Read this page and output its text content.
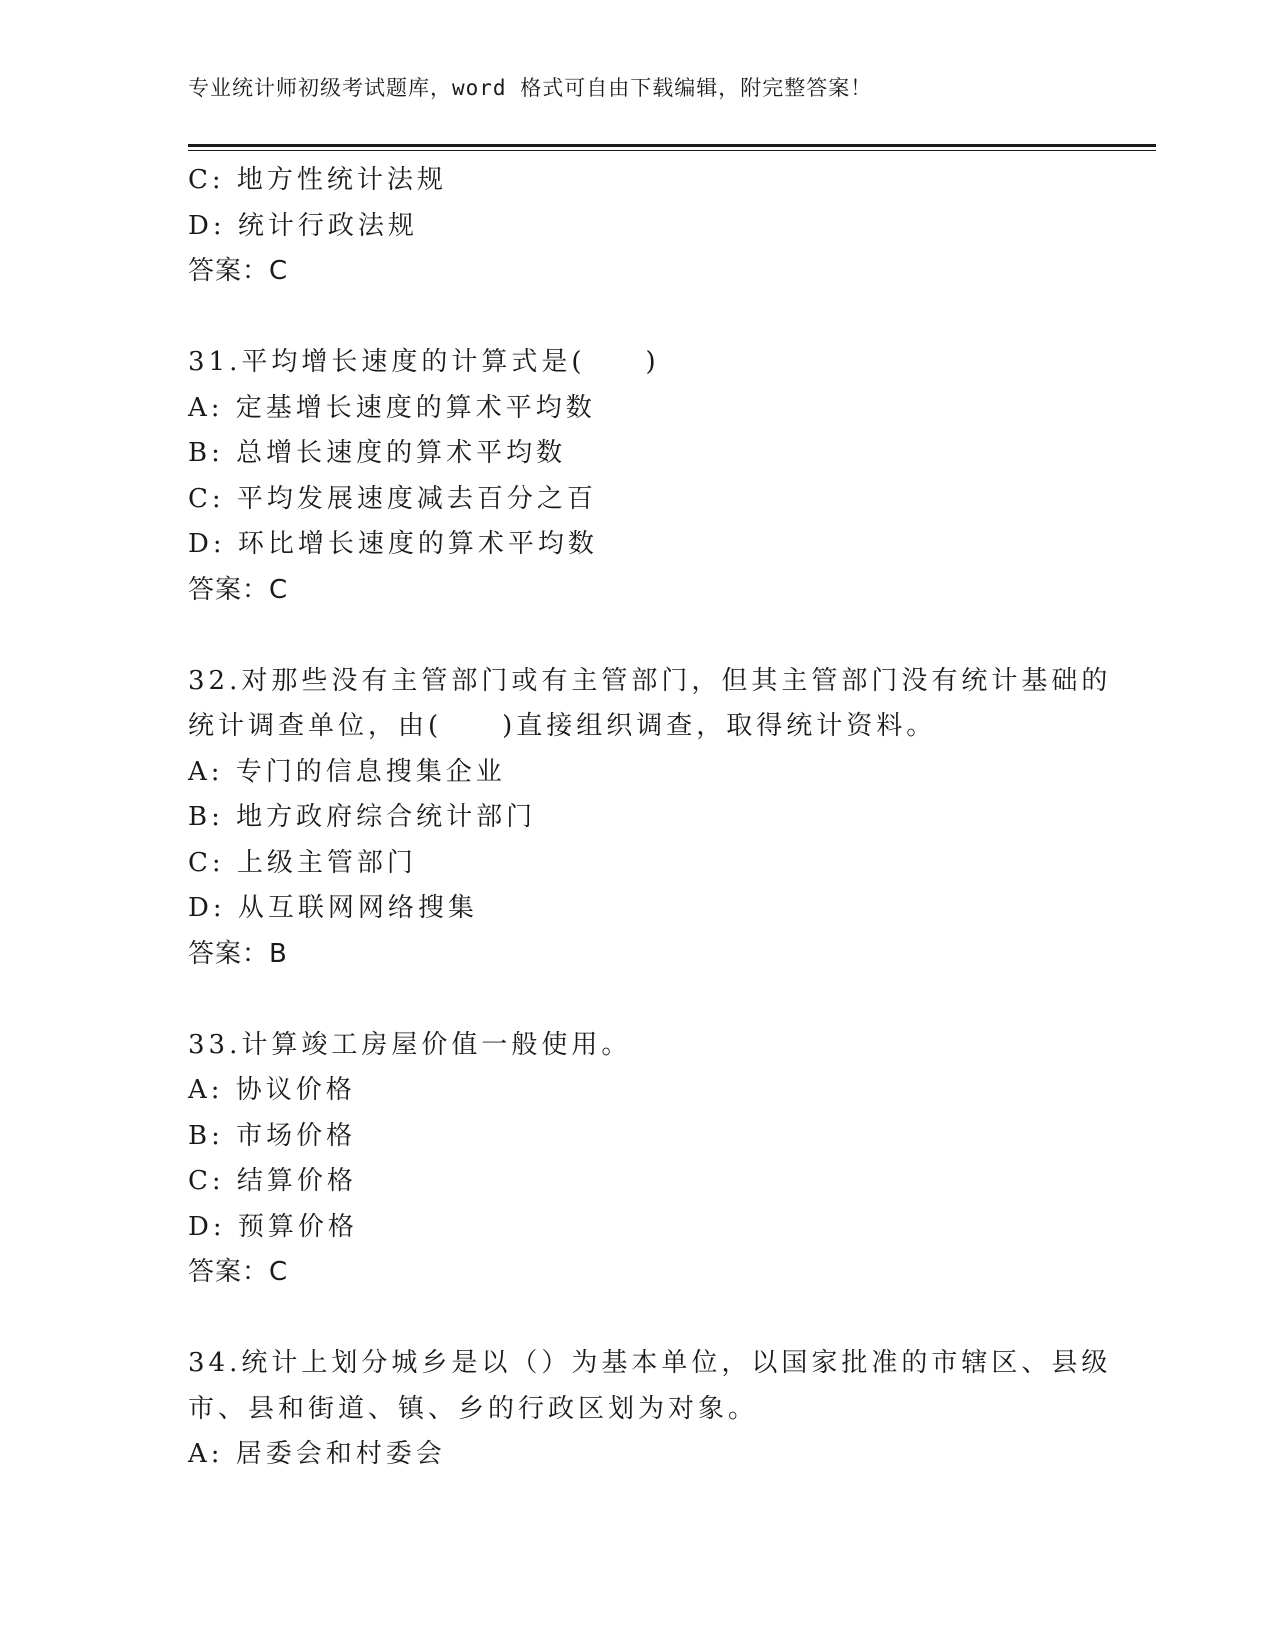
专业统计师初级考试题库，word 格式可自由下载编辑，附完整答案！
C: 地方性统计法规
D: 统计行政法规
答案：C
31.平均增长速度的计算式是(　　)
A: 定基增长速度的算术平均数
B: 总增长速度的算术平均数
C: 平均发展速度减去百分之百
D: 环比增长速度的算术平均数
答案：C
32.对那些没有主管部门或有主管部门，但其主管部门没有统计基础的
统计调查单位，由(　　)直接组织调查，取得统计资料。
A: 专门的信息搜集企业
B: 地方政府综合统计部门
C: 上级主管部门
D: 从互联网网络搜集
答案：B
33.计算竣工房屋价值一般使用。
A: 协议价格
B: 市场价格
C: 结算价格
D: 预算价格
答案：C
34.统计上划分城乡是以（）为基本单位，以国家批准的市辖区、县级
市、县和街道、镇、乡的行政区划为对象。
A: 居委会和村委会
